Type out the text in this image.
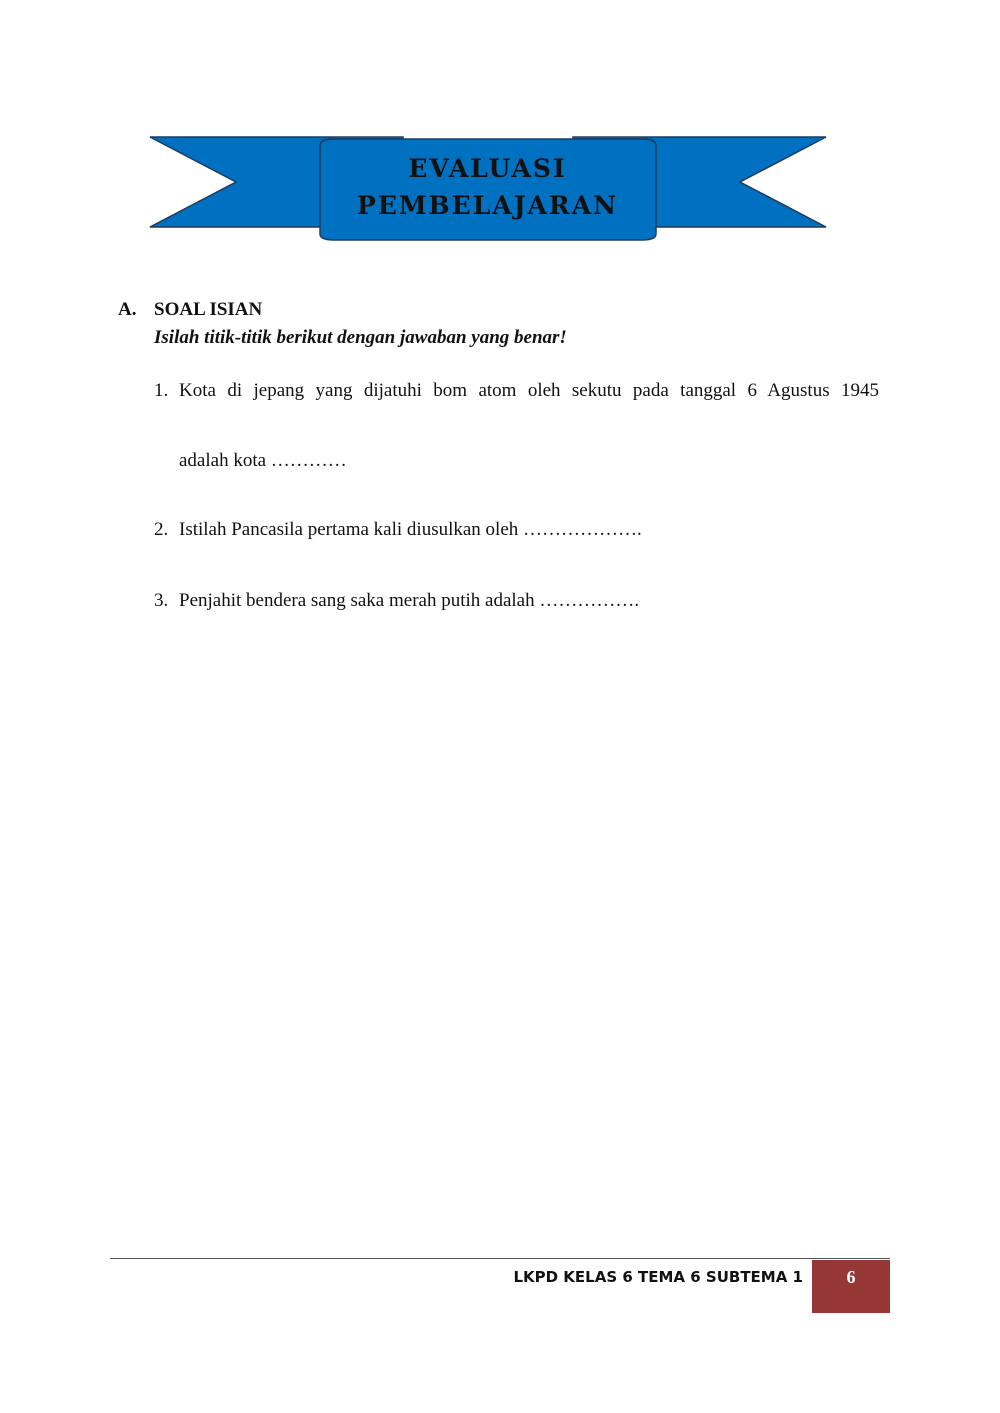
EVALUASI
PEMBELAJARAN
A. SOAL ISIAN
Isilah titik-titik berikut dengan jawaban yang benar!
1. Kota di jepang yang dijatuhi bom atom oleh sekutu pada tanggal 6 Agustus 1945
adalah kota …………
2. Istilah Pancasila pertama kali diusulkan oleh ……………….
3. Penjahit bendera sang saka merah putih adalah …………….
LKPD KELAS 6 TEMA 6 SUBTEMA 1	6
